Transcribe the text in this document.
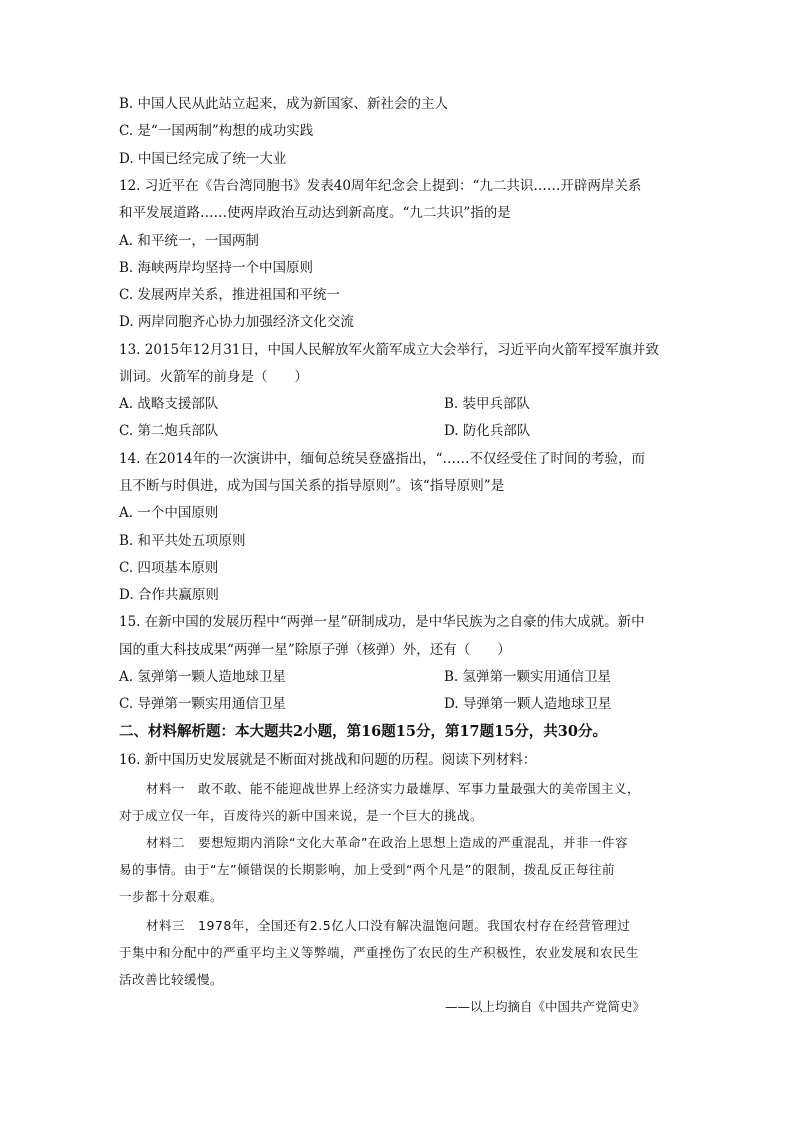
B. 中国人民从此站立起来，成为新国家、新社会的主人
C. 是“一国两制”构想的成功实践
D. 中国已经完成了统一大业
12. 习近平在《告台湾同胞书》发表40周年纪念会上提到：“九二共识……开辟两岸关系
和平发展道路……使两岸政治互动达到新高度。“九二共识”指的是
A. 和平统一，一国两制
B. 海峡两岸均坚持一个中国原则
C. 发展两岸关系，推进祖国和平统一
D. 两岸同胞齐心协力加强经济文化交流
13. 2015年12月31日，中国人民解放军火箭军成立大会举行，习近平向火箭军授军旗并致
训词。火箭军的前身是（　　）
A. 战略支援部队	B. 装甲兵部队
C. 第二炮兵部队	D. 防化兵部队
14. 在2014年的一次演讲中，缅甸总统吴登盛指出，“……不仅经受住了时间的考验，而
且不断与时俱进，成为国与国关系的指导原则”。该“指导原则”是
A. 一个中国原则
B. 和平共处五项原则
C. 四项基本原则
D. 合作共赢原则
15. 在新中国的发展历程中“两弹一星”研制成功，是中华民族为之自豪的伟大成就。新中
国的重大科技成果“两弹一星”除原子弹（核弹）外，还有（　　）
A. 氢弹第一颗人造地球卫星	B. 氢弹第一颗实用通信卫星
C. 导弹第一颗实用通信卫星	D. 导弹第一颗人造地球卫星
二、材料解析题：本大题共2小题，第16题15分，第17题15分，共30分。
16. 新中国历史发展就是不断面对挑战和问题的历程。阅读下列材料：
材料一　敢不敢、能不能迎战世界上经济实力最雄厚、军事力量最强大的美帝国主义，
对于成立仅一年，百废待兴的新中国来说，是一个巨大的挑战。
材料二　要想短期内消除“文化大革命”在政治上思想上造成的严重混乱，并非一件容
易的事情。由于“左”倾错误的长期影响，加上受到“两个凡是”的限制，拨乱反正每往前
一步都十分艰难。
材料三　1978年，全国还有2.5亿人口没有解决温饱问题。我国农村存在经营管理过
于集中和分配中的严重平均主义等弊端，严重挫伤了农民的生产积极性，农业发展和农民生
活改善比较缓慢。
——以上均摘自《中国共产党简史》
